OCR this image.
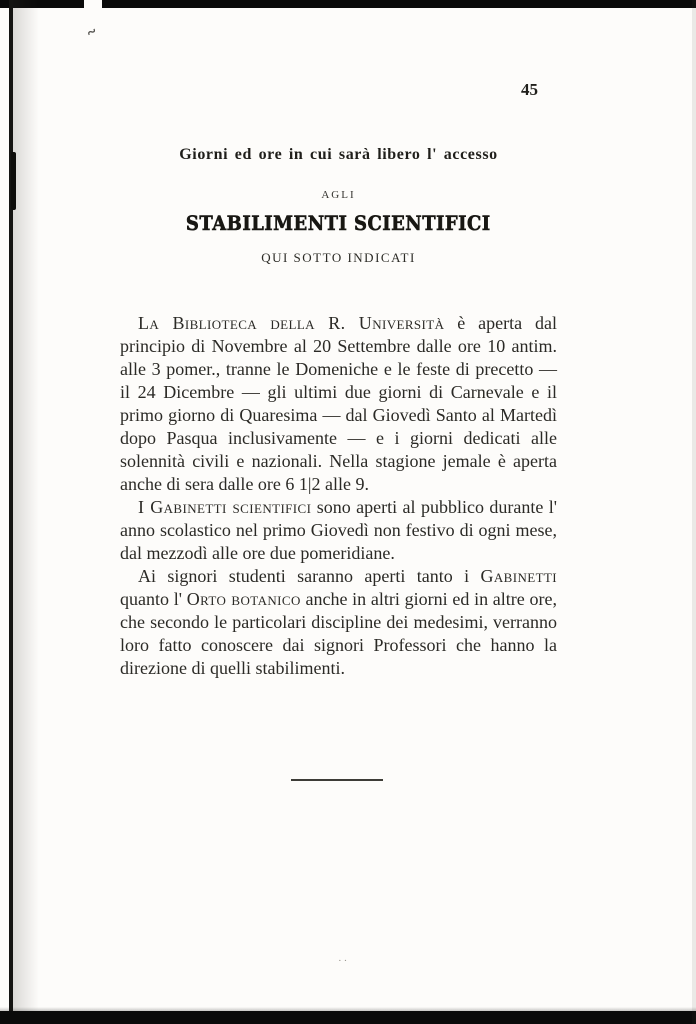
~
··
45
Giorni ed ore in cui sarà libero l' accesso
AGLI
STABILIMENTI SCIENTIFICI
QUI SOTTO INDICATI

La Biblioteca della R. Università è aperta dal principio di Novembre al 20 Settembre dalle ore 10 antim. alle 3 pomer., tranne le Domeniche e le feste di precetto — il 24 Dicembre — gli ultimi due giorni di Carnevale e il primo giorno di Quaresima — dal Giovedì Santo al Martedì dopo Pasqua inclusivamente — e i giorni dedicati alle solennità civili e nazionali. Nella stagione jemale è aperta anche di sera dalle ore 6 1|2 alle 9.

I Gabinetti scientifici sono aperti al pubblico durante l' anno scolastico nel primo Giovedì non festivo di ogni mese, dal mezzodì alle ore due pomeridiane.

Ai signori studenti saranno aperti tanto i Gabinetti quanto l' Orto botanico anche in altri giorni ed in altre ore, che secondo le particolari discipline dei medesimi, verranno loro fatto conoscere dai signori Professori che hanno la direzione di quelli stabilimenti.
